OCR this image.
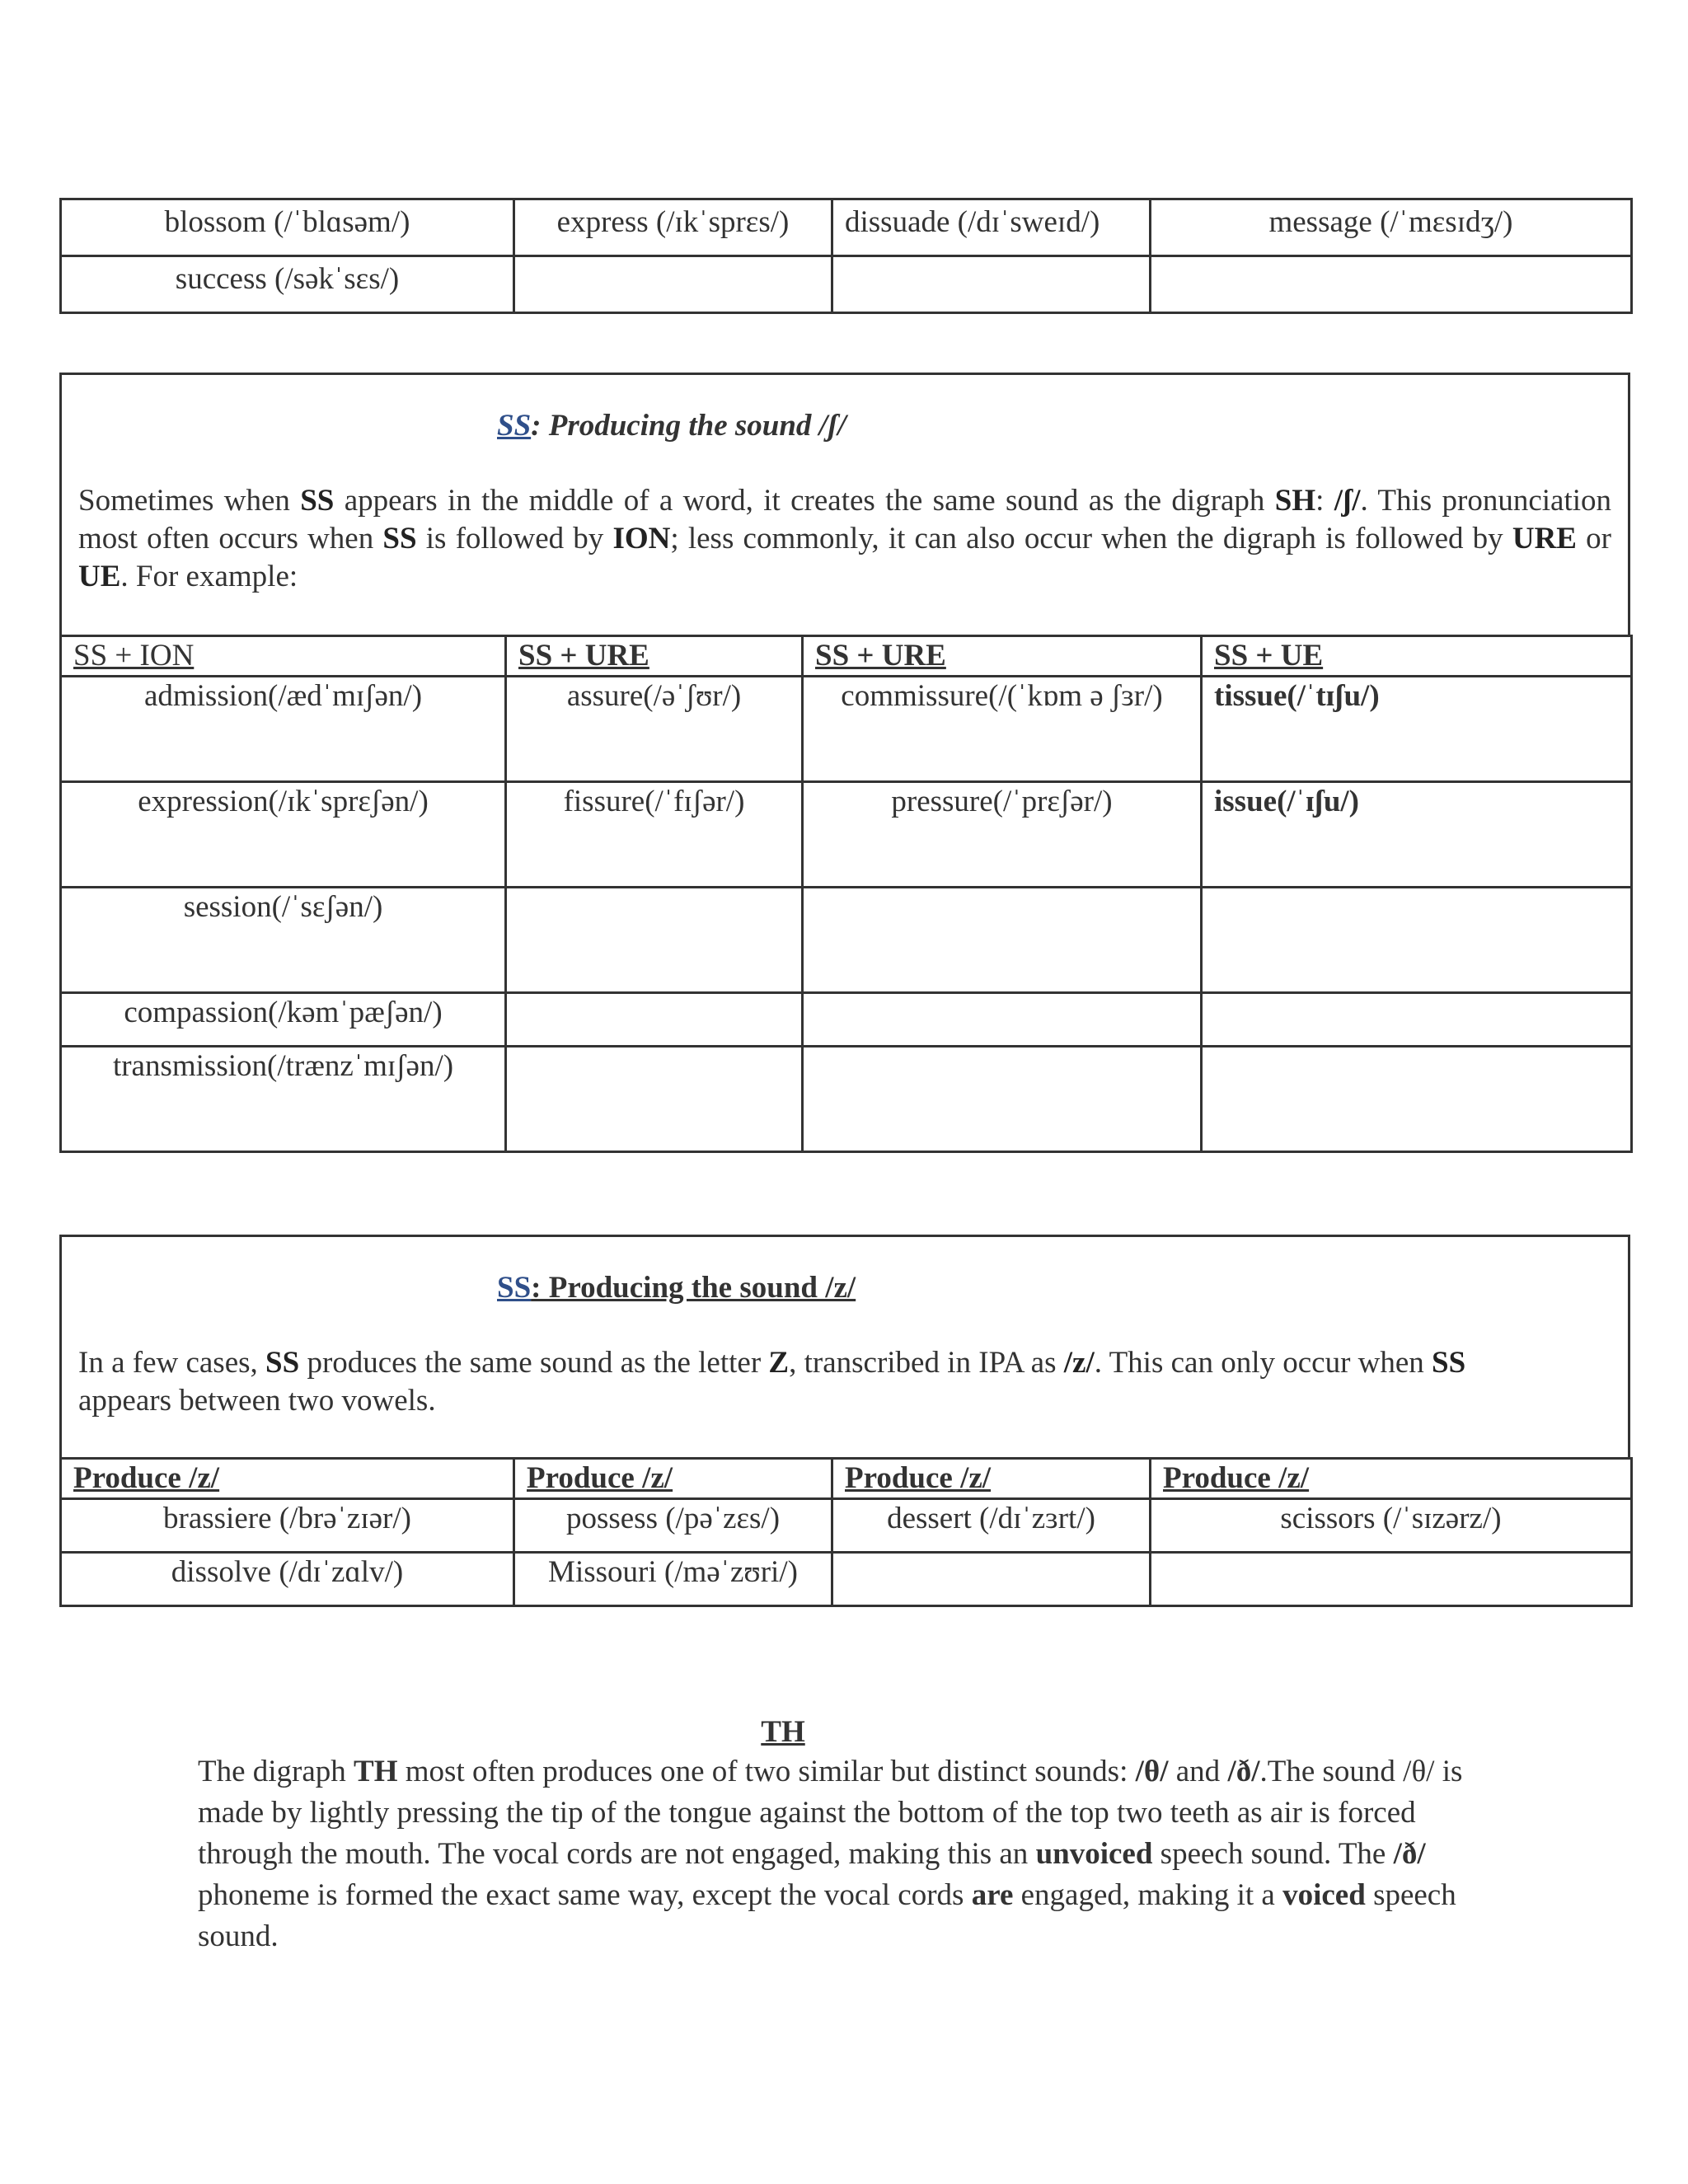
blossom (/ˈblɑsəm/)	express (/ɪkˈsprɛs/)	dissuade (/dɪˈsweɪd/)	message (/ˈmɛsɪdʒ/)
success (/səkˈsɛs/)			
SS: Producing the sound /ʃ/
Sometimes when SS appears in the middle of a word, it creates the same sound as the digraph SH: /ʃ/. This pronunciation most often occurs when SS is followed by ION; less commonly, it can also occur when the digraph is followed by URE or UE. For example:
SS + ION	SS + URE	SS + URE	SS + UE
admission(/ædˈmɪʃən/)	assure(/əˈʃʊr/)	commissure(/(ˈkɒm ə ʃɜr/)	tissue(/ˈtɪʃu/)
expression(/ɪkˈsprɛʃən/)	fissure(/ˈfɪʃər/)	pressure(/ˈprɛʃər/)	issue(/ˈɪʃu/)
session(/ˈsɛʃən/)			
compassion(/kəmˈpæʃən/)			
transmission(/trænzˈmɪʃən/)			
SS: Producing the sound /z/
In a few cases, SS produces the same sound as the letter Z, transcribed in IPA as /z/. This can only occur when SS appears between two vowels.
Produce /z/	Produce /z/	Produce /z/	Produce /z/
brassiere (/brəˈzɪər/)	possess (/pəˈzɛs/)	dessert (/dɪˈzɜrt/)	scissors (/ˈsɪzərz/)
dissolve (/dɪˈzɑlv/)	Missouri (/məˈzʊri/)		
TH
The digraph TH most often produces one of two similar but distinct sounds: /θ/ and /ð/.The sound /θ/ is made by lightly pressing the tip of the tongue against the bottom of the top two teeth as air is forced through the mouth. The vocal cords are not engaged, making this an unvoiced speech sound. The /ð/ phoneme is formed the exact same way, except the vocal cords are engaged, making it a voiced speech sound.
